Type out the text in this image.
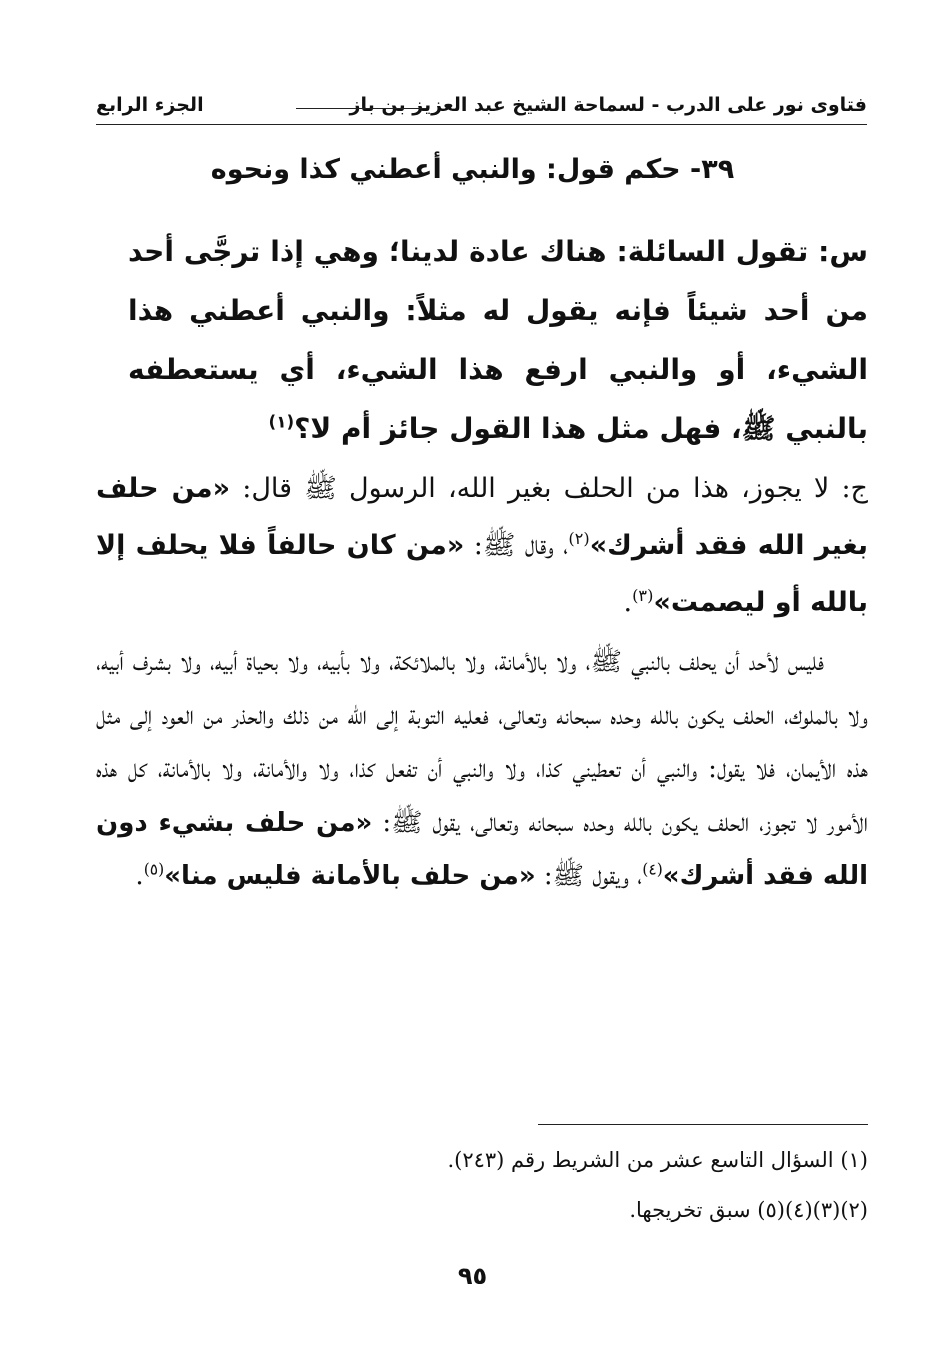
فتاوى نور على الدرب - لسماحة الشيخ عبد العزيز بن باز
الجزء الرابع
٣٩- حكم قول: والنبي أعطني كذا ونحوه
س: تقول السائلة: هناك عادة لدينا؛ وهي إذا ترجَّى أحد من أحد شيئاً فإنه يقول له مثلاً: والنبي أعطني هذا الشيء، أو والنبي ارفع هذا الشيء، أي يستعطفه بالنبي ﷺ، فهل مثل هذا القول جائز أم لا؟$^{(١)}$
ج: لا يجوز، هذا من الحلف بغير الله، الرسول ﷺ قال: «من حلف بغير الله فقد أشرك»$^{(٢)}$، وقال ﷺ: «من كان حالفاً فلا يحلف إلا بالله أو ليصمت»$^{(٣)}$.
فليس لأحد أن يحلف بالنبي ﷺ، ولا بالأمانة، ولا بالملائكة، ولا بأبيه، ولا بحياة أبيه، ولا بشرف أبيه، ولا بالملوك، الحلف يكون بالله وحده سبحانه وتعالى، فعليه التوبة إلى الله من ذلك والحذر من العود إلى مثل هذه الأيمان، فلا يقول: والنبي أن تعطيني كذا، ولا والنبي أن تفعل كذا، ولا والأمانة، ولا بالأمانة، كل هذه الأمور لا تجوز، الحلف يكون بالله وحده سبحانه وتعالى، يقول ﷺ: «من حلف بشيء دون الله فقد أشرك»$^{(٤)}$، ويقول ﷺ: «من حلف بالأمانة فليس منا»$^{(٥)}$.
(١) السؤال التاسع عشر من الشريط رقم (٢٤٣).
(٢)(٣)(٤)(٥) سبق تخريجها.
٩٥
